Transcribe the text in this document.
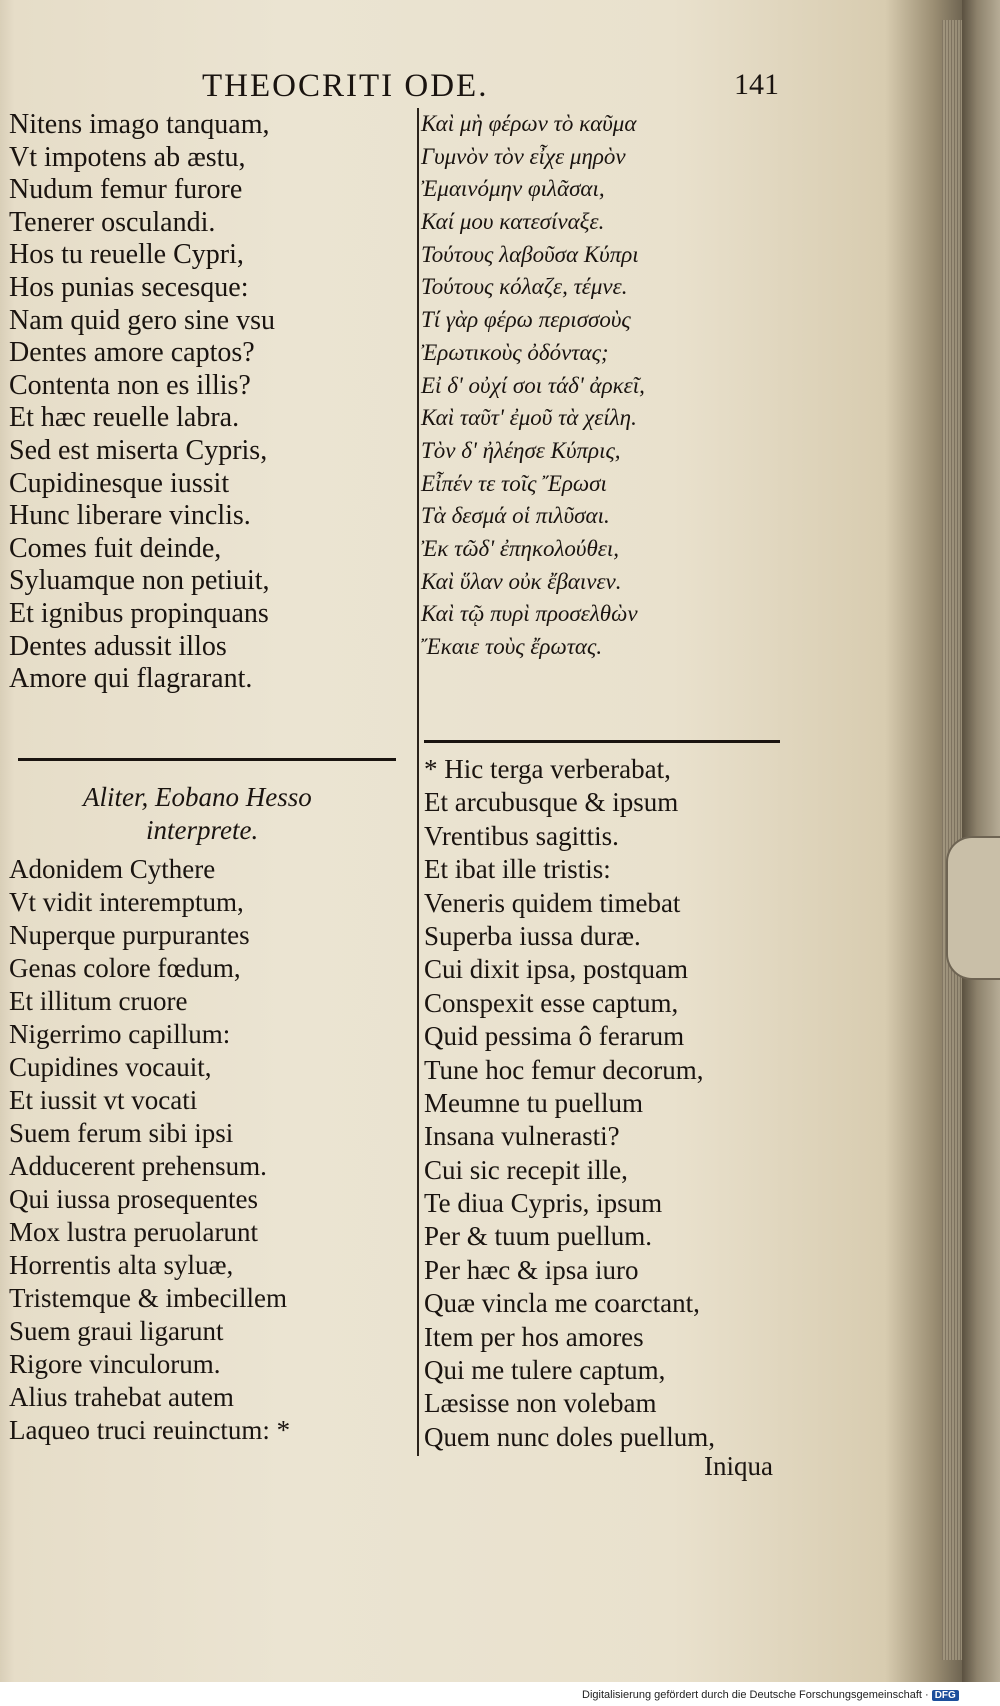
THEOCRITI ODE.	141
Nitens imago tanquam,
Vt impotens ab æstu,
Nudum femur furore
Tenerer osculandi.
Hos tu reuelle Cypri,
Hos punias secesque:
Nam quid gero sine vsu
Dentes amore captos?
Contenta non es illis?
Et hæc reuelle labra.
Sed est miserta Cypris,
Cupidinesque iussit
Hunc liberare vinclis.
Comes fuit deinde,
Syluamque non petiuit,
Et ignibus propinquans
Dentes adussit illos
Amore qui flagrarant.
Καὶ μὴ φέρων τὸ καῦμα
Γυμνὸν τὸν εἶχε μηρὸν
Ἐμαινόμην φιλᾶσαι,
Καί μου κατεσίναξε.
Τούτους λαβοῦσα Κύπρι
Τούτους κόλαζε, τέμνε.
Τί γὰρ φέρω περισσοὺς
Ἐρωτικοὺς ὀδόντας;
Εἰ δ' οὐχί σοι τάδ' ἀρκεῖ,
Καὶ ταῦτ' ἐμοῦ τὰ χείλη.
Τὸν δ' ἠλέησε Κύπρις,
Εἶπέν τε τοῖς Ἔρωσι
Τὰ δεσμά οἱ πιλῦσαι.
Ἐκ τῶδ' ἐπηκολούθει,
Καὶ ὕλαν οὐκ ἔβαινεν.
Καὶ τῷ πυρὶ προσελθὼν
Ἔκαιε τοὺς ἔρωτας.
Aliter, Eobano Hesso
interprete.
Adonidem Cythere
Vt vidit interemptum,
Nuperque purpurantes
Genas colore fœdum,
Et illitum cruore
Nigerrimo capillum:
Cupidines vocauit,
Et iussit vt vocati
Suem ferum sibi ipsi
Adducerent prehensum.
Qui iussa prosequentes
Mox lustra peruolarunt
Horrentis alta syluæ,
Tristemque & imbecillem
Suem graui ligarunt
Rigore vinculorum.
Alius trahebat autem
Laqueo truci reuinctum: *
* Hic terga verberabat,
Et arcubusque & ipsum
Vrentibus sagittis.
Et ibat ille tristis:
Veneris quidem timebat
Superba iussa duræ.
Cui dixit ipsa, postquam
Conspexit esse captum,
Quid pessima ô ferarum
Tune hoc femur decorum,
Meumne tu puellum
Insana vulnerasti?
Cui sic recepit ille,
Te diua Cypris, ipsum
Per & tuum puellum.
Per hæc & ipsa iuro
Quæ vincla me coarctant,
Item per hos amores
Qui me tulere captum,
Læsisse non volebam
Quem nunc doles puellum,
Iniqua
Digitalisierung gefördert durch die Deutsche Forschungsgemeinschaft · DFG
